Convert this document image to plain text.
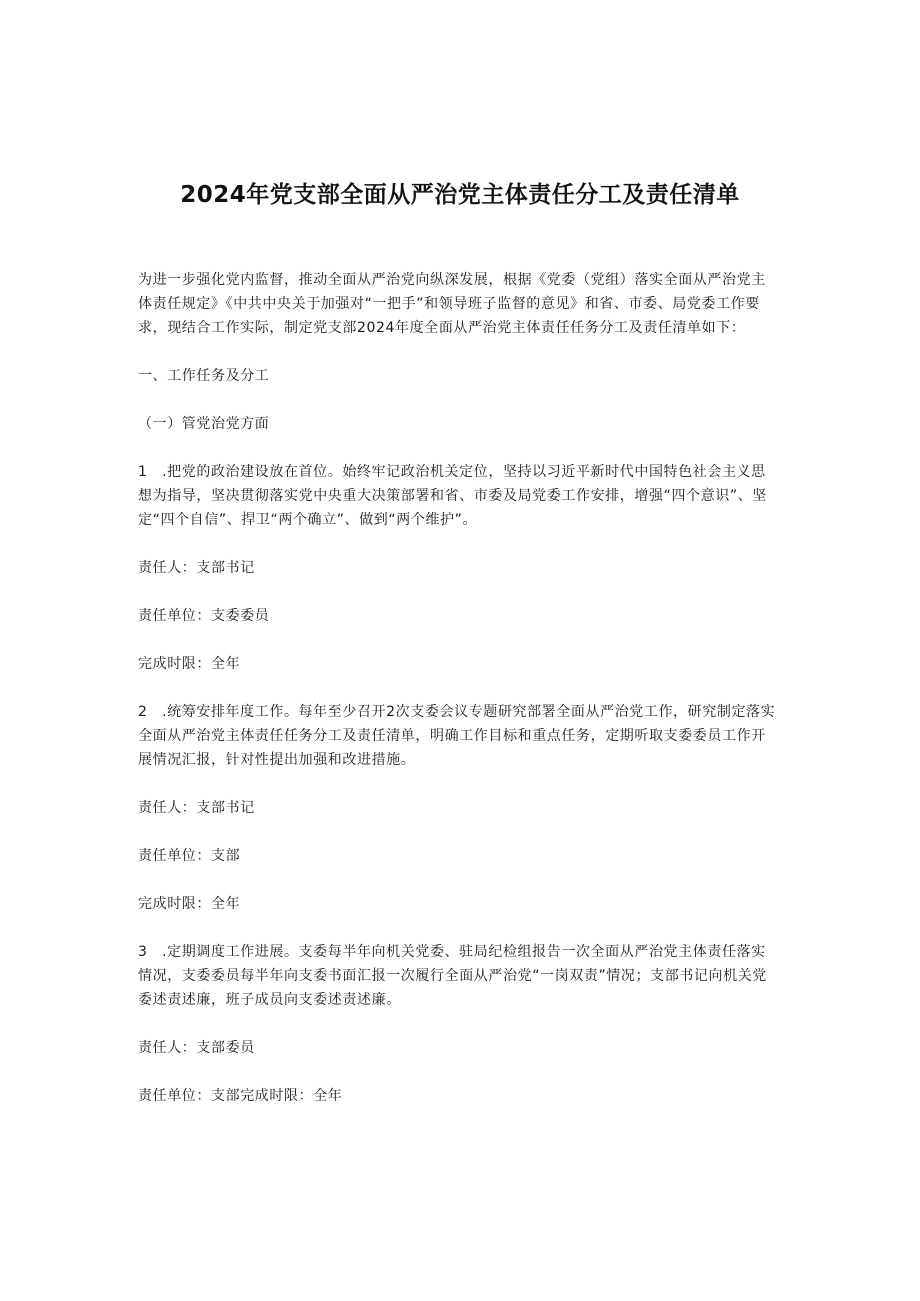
2024年党支部全面从严治党主体责任分工及责任清单

为进一步强化党内监督，推动全面从严治党向纵深发展，根据《党委（党组）落实全面从严治党主体责任规定》《中共中央关于加强对“一把手”和领导班子监督的意见》和省、市委、局党委工作要求，现结合工作实际，制定党支部2024年度全面从严治党主体责任任务分工及责任清单如下：

一、工作任务及分工

（一）管党治党方面

1　.把党的政治建设放在首位。始终牢记政治机关定位，坚持以习近平新时代中国特色社会主义思想为指导，坚决贯彻落实党中央重大决策部署和省、市委及局党委工作安排，增强“四个意识”、坚定“四个自信”、捍卫“两个确立”、做到“两个维护”。

责任人：支部书记

责任单位：支委委员

完成时限：全年

2　.统筹安排年度工作。每年至少召开2次支委会议专题研究部署全面从严治党工作，研究制定落实全面从严治党主体责任任务分工及责任清单，明确工作目标和重点任务，定期听取支委委员工作开展情况汇报，针对性提出加强和改进措施。

责任人：支部书记

责任单位：支部

完成时限：全年

3　.定期调度工作进展。支委每半年向机关党委、驻局纪检组报告一次全面从严治党主体责任落实情况，支委委员每半年向支委书面汇报一次履行全面从严治党“一岗双责”情况；支部书记向机关党委述责述廉，班子成员向支委述责述廉。

责任人：支部委员

责任单位：支部完成时限：全年
